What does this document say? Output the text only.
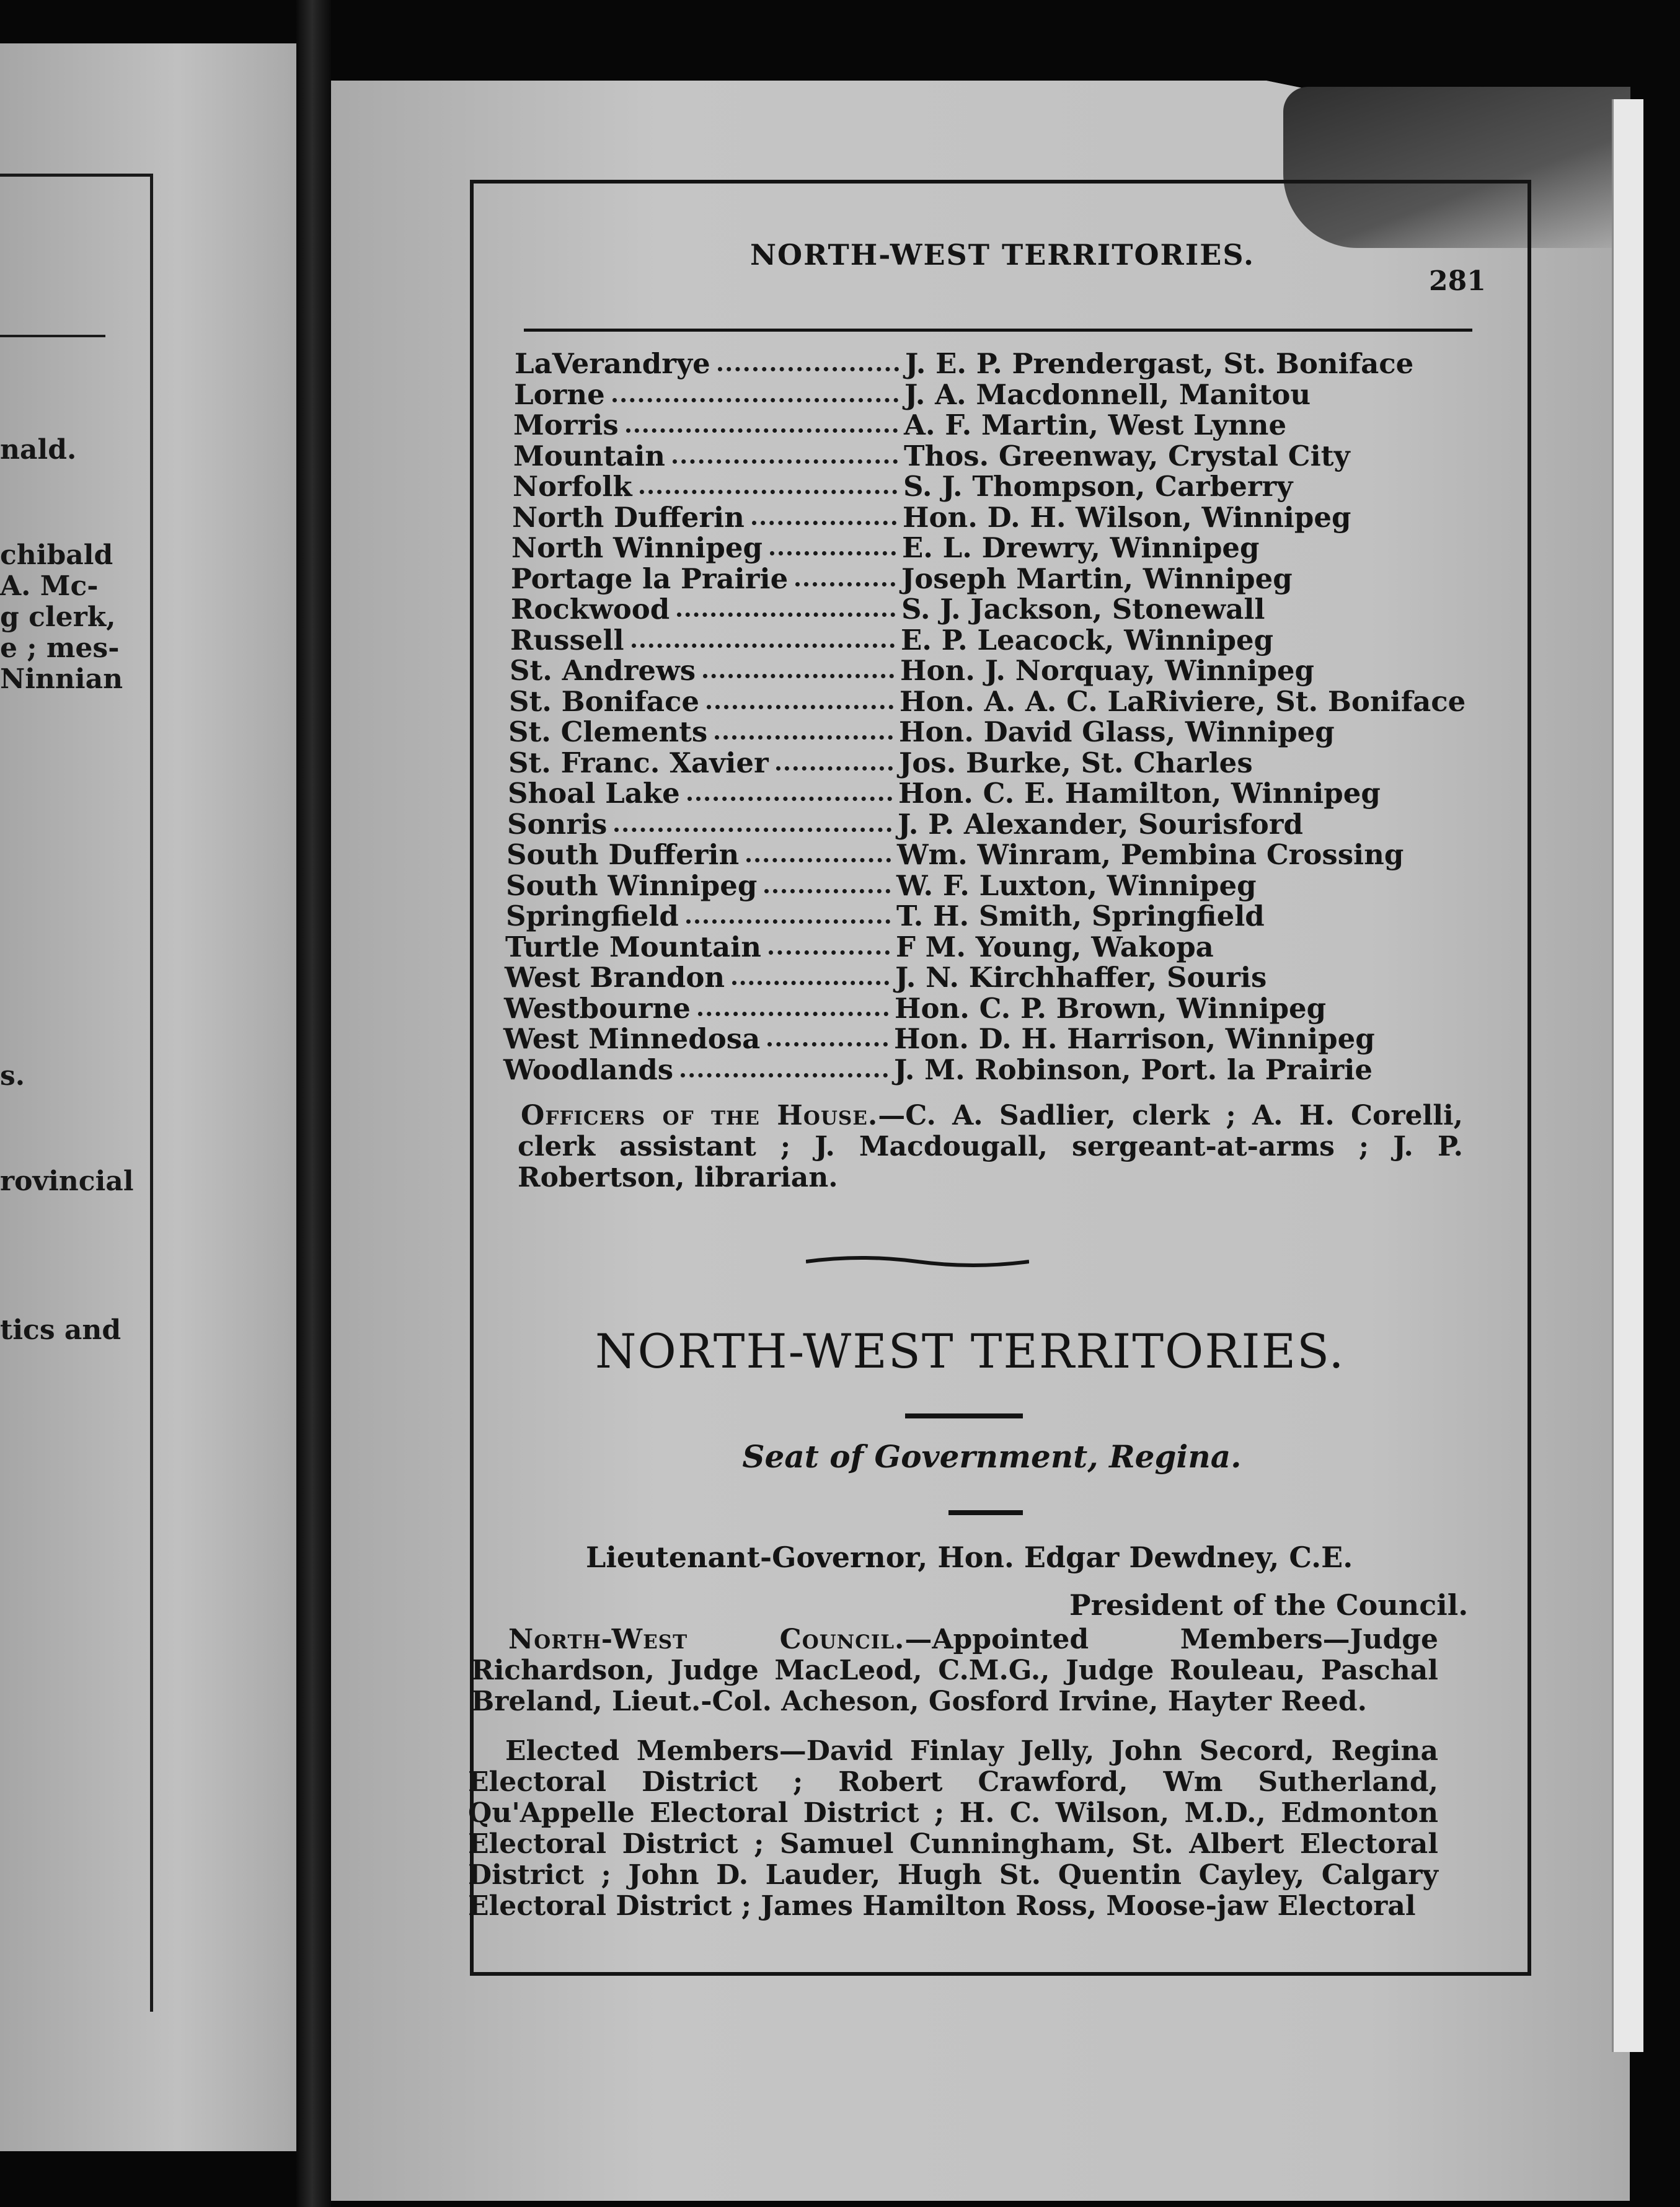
nald.
chibald
A. Mc-
g clerk,
e ; mes-
Ninnian
s.
rovincial
tics and
NORTH-WEST TERRITORIES.
281
LaVerandrye	J. E. P. Prendergast, St. Boniface
Lorne	J. A. Macdonnell, Manitou
Morris	A. F. Martin, West Lynne
Mountain	Thos. Greenway, Crystal City
Norfolk	S. J. Thompson, Carberry
North Dufferin	Hon. D. H. Wilson, Winnipeg
North Winnipeg	E. L. Drewry, Winnipeg
Portage la Prairie	Joseph Martin, Winnipeg
Rockwood	S. J. Jackson, Stonewall
Russell	E. P. Leacock, Winnipeg
St. Andrews	Hon. J. Norquay, Winnipeg
St. Boniface	Hon. A. A. C. LaRiviere, St. Boniface
St. Clements	Hon. David Glass, Winnipeg
St. Franc. Xavier	Jos. Burke, St. Charles
Shoal Lake	Hon. C. E. Hamilton, Winnipeg
Sonris	J. P. Alexander, Sourisford
South Dufferin	Wm. Winram, Pembina Crossing
South Winnipeg	W. F. Luxton, Winnipeg
Springfield	T. H. Smith, Springfield
Turtle Mountain	F M. Young, Wakopa
West Brandon	J. N. Kirchhaffer, Souris
Westbourne	Hon. C. P. Brown, Winnipeg
West Minnedosa	Hon. D. H. Harrison, Winnipeg
Woodlands	J. M. Robinson, Port. la Prairie
Officers of the House.—C. A. Sadlier, clerk ; A. H. Corelli, clerk assistant ; J. Macdougall, sergeant-at-arms ; J. P. Robertson, librarian.
NORTH-WEST TERRITORIES.
Seat of Government, Regina.
Lieutenant-Governor, Hon. Edgar Dewdney, C.E.
President of the Council.
North-West Council.—Appointed Members—Judge Richardson, Judge MacLeod, C.M.G., Judge Rouleau, Paschal Breland, Lieut.-Col. Acheson, Gosford Irvine, Hayter Reed.
Elected Members—David Finlay Jelly, John Secord, Regina Electoral District ; Robert Crawford, Wm Sutherland, Qu'Appelle Electoral District ; H. C. Wilson, M.D., Edmonton Electoral District ; Samuel Cunningham, St. Albert Electoral District ; John D. Lauder, Hugh St. Quentin Cayley, Calgary Electoral District ; James Hamilton Ross, Moose-jaw Electoral
